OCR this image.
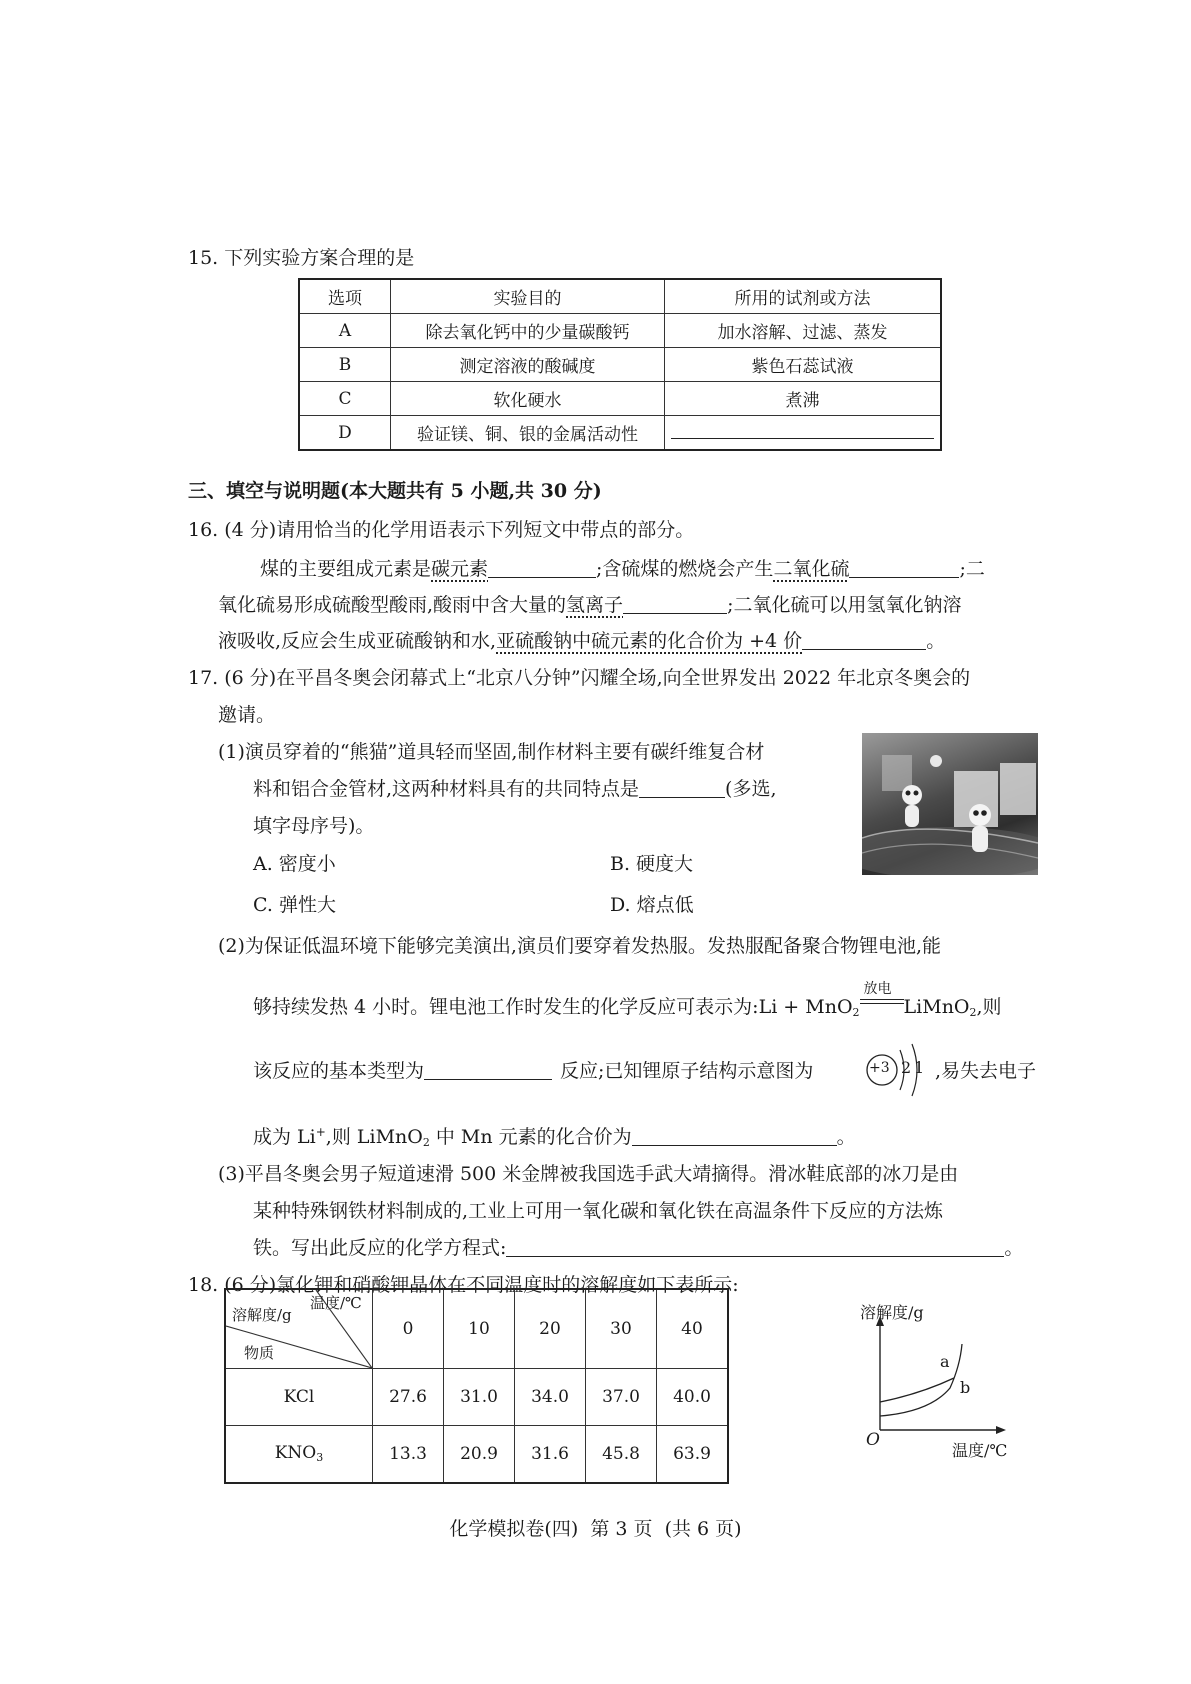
15. 下列实验方案合理的是
选项	实验目的	所用的试剂或方法
A	除去氧化钙中的少量碳酸钙	加水溶解、过滤、蒸发
B	测定溶液的酸碱度	紫色石蕊试液
C	软化硬水	煮沸
D	验证镁、铜、银的金属活动性	
三、填空与说明题(本大题共有 5 小题,共 30 分)
16. (4 分)请用恰当的化学用语表示下列短文中带点的部分。
煤的主要组成元素是碳元素	;含硫煤的燃烧会产生二氧化硫	;二
氧化硫易形成硫酸型酸雨,酸雨中含大量的氢离子	;二氧化硫可以用氢氧化钠溶
液吸收,反应会生成亚硫酸钠和水,亚硫酸钠中硫元素的化合价为 +4 价	。
17. (6 分)在平昌冬奥会闭幕式上“北京八分钟”闪耀全场,向全世界发出 2022 年北京冬奥会的
邀请。
(1)演员穿着的“熊猫”道具轻而坚固,制作材料主要有碳纤维复合材
料和铝合金管材,这两种材料具有的共同特点是	(多选,
填字母序号)。
A. 密度小	B. 硬度大
C. 弹性大	D. 熔点低
(2)为保证低温环境下能够完美演出,演员们要穿着发热服。发热服配备聚合物锂电池,能
够持续发热 4 小时。锂电池工作时发生的化学反应可表示为:Li + MnO$_2$
放电
LiMnO$_2$,则
该反应的基本类型为	反应;已知锂原子结构示意图为	+3 2 1 ,易失去电子
成为 Li+,则 LiMnO$_2$ 中 Mn 元素的化合价为	。
(3)平昌冬奥会男子短道速滑 500 米金牌被我国选手武大靖摘得。滑冰鞋底部的冰刀是由
某种特殊钢铁材料制成的,工业上可用一氧化碳和氧化铁在高温条件下反应的方法炼
铁。写出此反应的化学方程式:	。
18. (6 分)氯化钾和硝酸钾晶体在不同温度时的溶解度如下表所示:
温度/℃
溶解度/g
物质	0	10	20	30	40
KCl	27.6	31.0	34.0	37.0	40.0
$KNO_3$	13.3	20.9	31.6	45.8	63.9
溶解度/g
温度/℃
O
a
b
化学模拟卷(四)  第 3 页  (共 6 页)
